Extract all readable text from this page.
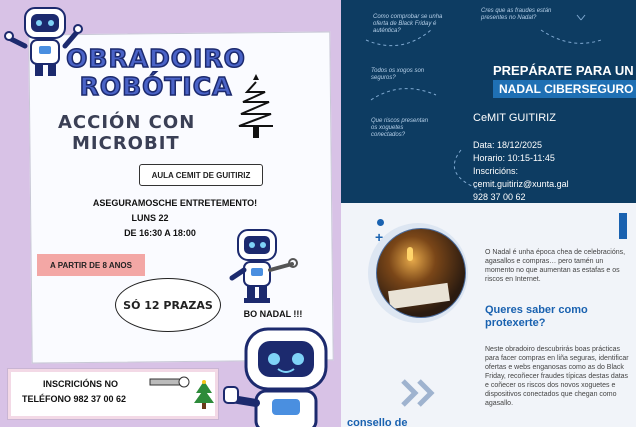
OBRADOIRO
ROBÓTICA
ACCIÓN CON
MICROBIT
AULA CEMIT DE GUITIRIZ
ASEGURAMOSCHE ENTRETEMENTO!
LUNS 22
DE 16:30 A 18:00
A PARTIR DE 8 ANOS
SÓ 12 PRAZAS
BO NADAL !!!
INSCRICIÓNS NO
TELÉFONO 982 37 00 62
Como comprobar se unha oferta de Black Friday é auténtica?
Cres que as fraudes están presentes no Nadal?
Todos os xogos son seguros?
Que riscos presentan os xoguetes conectados?
PREPÁRATE PARA UN
NADAL CIBERSEGURO
CeMIT GUITIRIZ
Data: 18/12/2025
Horario: 10:15-11:45
Inscricións:
cemit.guitiriz@xunta.gal
928 37 00 62
+
O Nadal é unha época chea de celebracións, agasallos e compras… pero tamén un momento no que aumentan as estafas e os riscos en Internet.
Queres saber como
protexerte?
Neste obradoiro descubrirás boas prácticas para facer compras en liña seguras, identificar ofertas e webs enganosas como as do Black Friday, recoñecer fraudes típicas destas datas e coñecer os riscos dos novos xoguetes e dispositivos conectados que chegan como agasallo.
consello de
